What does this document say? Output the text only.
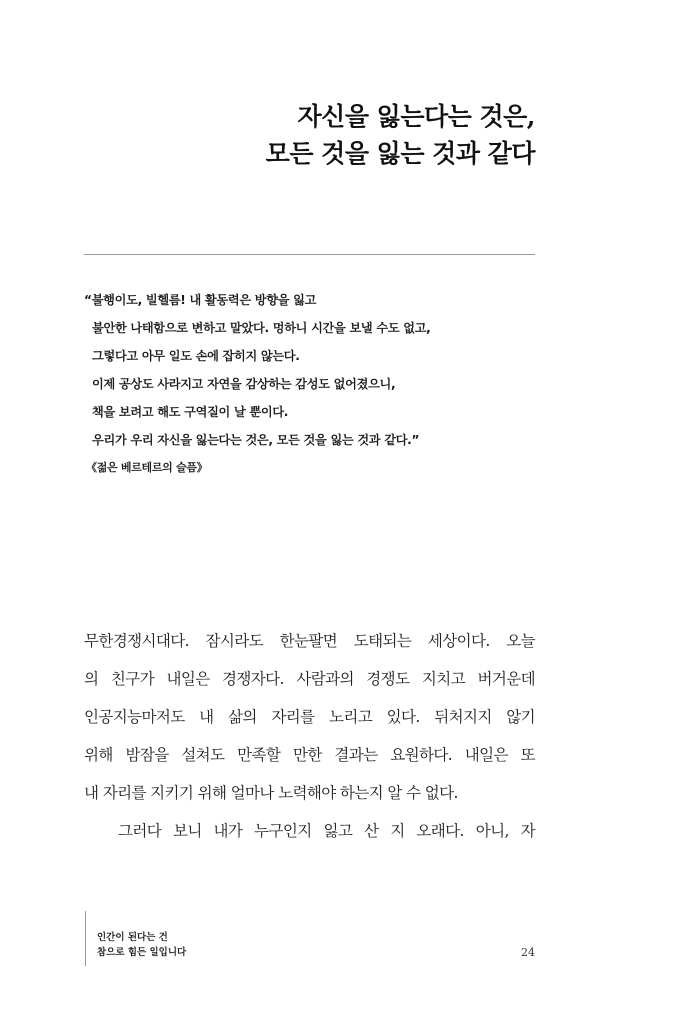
자신을 잃는다는 것은,
모든 것을 잃는 것과 같다
“불행이도, 빌헬름! 내 활동력은 방향을 잃고
불안한 나태함으로 변하고 말았다. 멍하니 시간을 보낼 수도 없고,
그렇다고 아무 일도 손에 잡히지 않는다.
이제 공상도 사라지고 자연을 감상하는 감성도 없어졌으니,
책을 보려고 해도 구역질이 날 뿐이다.
우리가 우리 자신을 잃는다는 것은, 모든 것을 잃는 것과 같다.”
《젊은 베르테르의 슬픔》
무한경쟁시대다. 잠시라도 한눈팔면 도태되는 세상이다. 오늘
의 친구가 내일은 경쟁자다. 사람과의 경쟁도 지치고 버거운데
인공지능마저도 내 삶의 자리를 노리고 있다. 뒤처지지 않기
위해 밤잠을 설쳐도 만족할 만한 결과는 요원하다. 내일은 또
내 자리를 지키기 위해 얼마나 노력해야 하는지 알 수 없다.
그러다 보니 내가 누구인지 잃고 산 지 오래다. 아니, 자
인간이 된다는 건
참으로 힘든 일입니다	24
